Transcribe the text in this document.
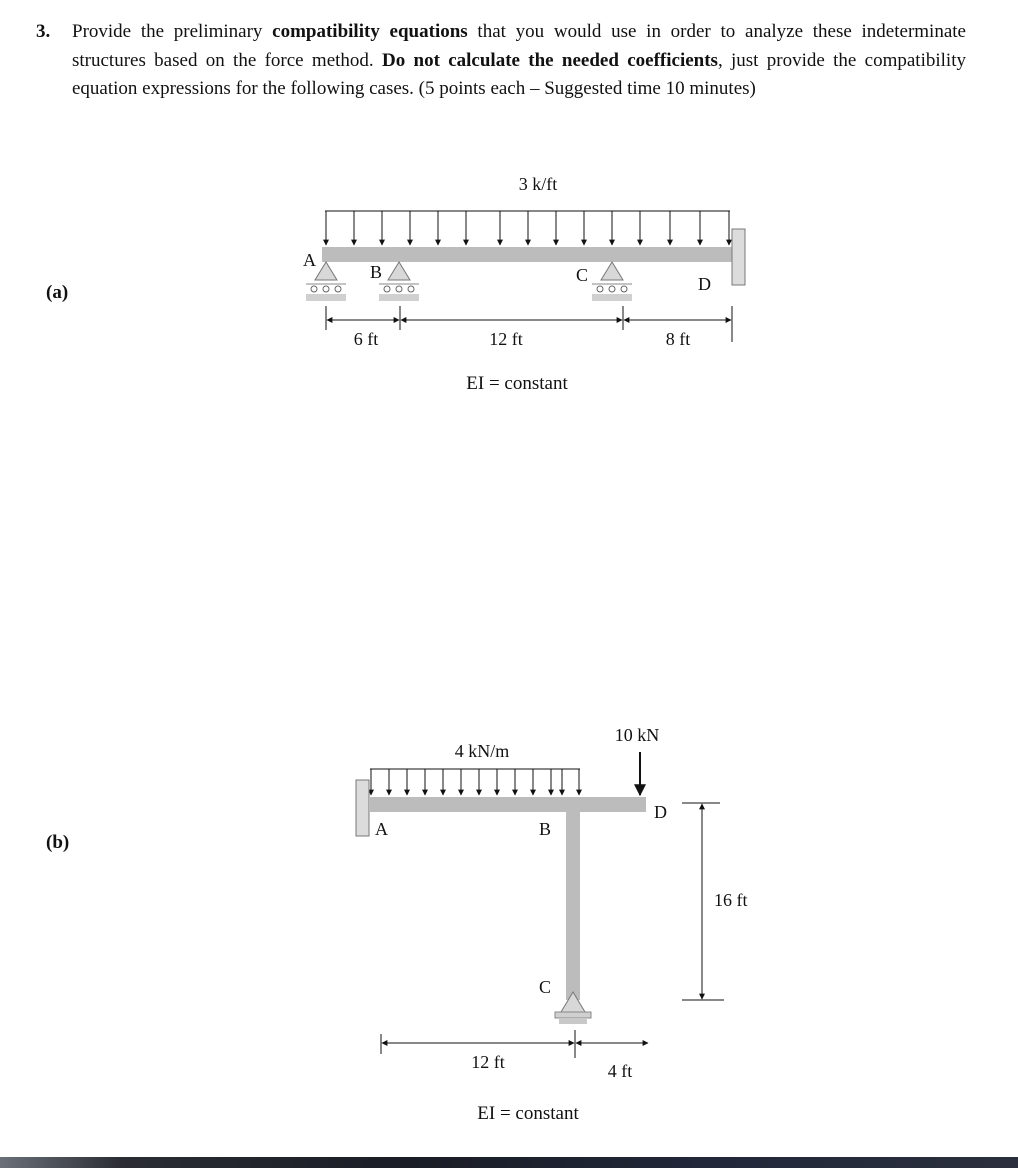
3. Provide the preliminary compatibility equations that you would use in order to analyze these indeterminate structures based on the force method. Do not calculate the needed coefficients, just provide the compatibility equation expressions for the following cases. (5 points each – Suggested time 10 minutes)
(a)
(b)
3 k/ft
A
B	C	D
6 ft	12 ft	8 ft
EI = constant
4 kN/m
10 kN
A	B
C
D
16 ft
12 ft	4 ft
EI = constant
